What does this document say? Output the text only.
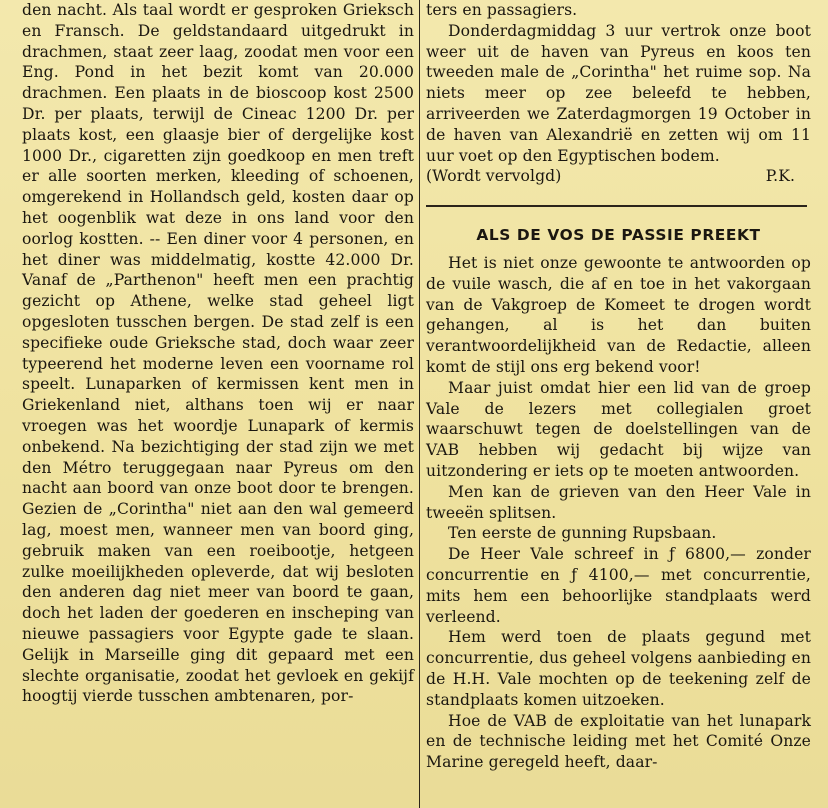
den nacht. Als taal wordt er gesproken Grieksch en Fransch. De geldstandaard uitgedrukt in drachmen, staat zeer laag, zoodat men voor een Eng. Pond in het bezit komt van 20.000 drachmen. Een plaats in de bioscoop kost 2500 Dr. per plaats, terwijl de Cineac 1200 Dr. per plaats kost, een glaasje bier of dergelijke kost 1000 Dr., cigaretten zijn goedkoop en men treft er alle soorten merken, kleeding of schoenen, omgerekend in Hollandsch geld, kosten daar op het oogenblik wat deze in ons land voor den oorlog kostten. -- Een diner voor 4 personen, en het diner was middelmatig, kostte 42.000 Dr. Vanaf de „Parthenon" heeft men een prachtig gezicht op Athene, welke stad geheel ligt opgesloten tusschen bergen. De stad zelf is een specifieke oude Grieksche stad, doch waar zeer typeerend het moderne leven een voorname rol speelt. Lunaparken of kermissen kent men in Griekenland niet, althans toen wij er naar vroegen was het woordje Lunapark of kermis onbekend. Na bezichtiging der stad zijn we met den Métro teruggegaan naar Pyreus om den nacht aan boord van onze boot door te brengen. Gezien de „Corintha" niet aan den wal gemeerd lag, moest men, wanneer men van boord ging, gebruik maken van een roeibootje, hetgeen zulke moeilijkheden opleverde, dat wij besloten den anderen dag niet meer van boord te gaan, doch het laden der goederen en inscheping van nieuwe passagiers voor Egypte gade te slaan. Gelijk in Marseille ging dit gepaard met een slechte organisatie, zoodat het gevloek en gekijf hoogtij vierde tusschen ambtenaren, por-

ters en passagiers.

Donderdagmiddag 3 uur vertrok onze boot weer uit de haven van Pyreus en koos ten tweeden male de „Corintha" het ruime sop. Na niets meer op zee beleefd te hebben, arriveerden we Zaterdagmorgen 19 October in de haven van Alexandrië en zetten wij om 11 uur voet op den Egyptischen bodem.

(Wordt vervolgd)	P.K.
ALS DE VOS DE PASSIE PREEKT

Het is niet onze gewoonte te antwoorden op de vuile wasch, die af en toe in het vakorgaan van de Vakgroep de Komeet te drogen wordt gehangen, al is het dan buiten verantwoordelijkheid van de Redactie, alleen komt de stijl ons erg bekend voor!

Maar juist omdat hier een lid van de groep Vale de lezers met collegialen groet waarschuwt tegen de doelstellingen van de VAB hebben wij gedacht bij wijze van uitzondering er iets op te moeten antwoorden.

Men kan de grieven van den Heer Vale in tweeën splitsen.

Ten eerste de gunning Rupsbaan.

De Heer Vale schreef in ƒ 6800,— zonder concurrentie en ƒ 4100,— met concurrentie, mits hem een behoorlijke standplaats werd verleend.

Hem werd toen de plaats gegund met concurrentie, dus geheel volgens aanbieding en de H.H. Vale mochten op de teekening zelf de standplaats komen uitzoeken.

Hoe de VAB de exploitatie van het lunapark en de technische leiding met het Comité Onze Marine geregeld heeft, daar-
